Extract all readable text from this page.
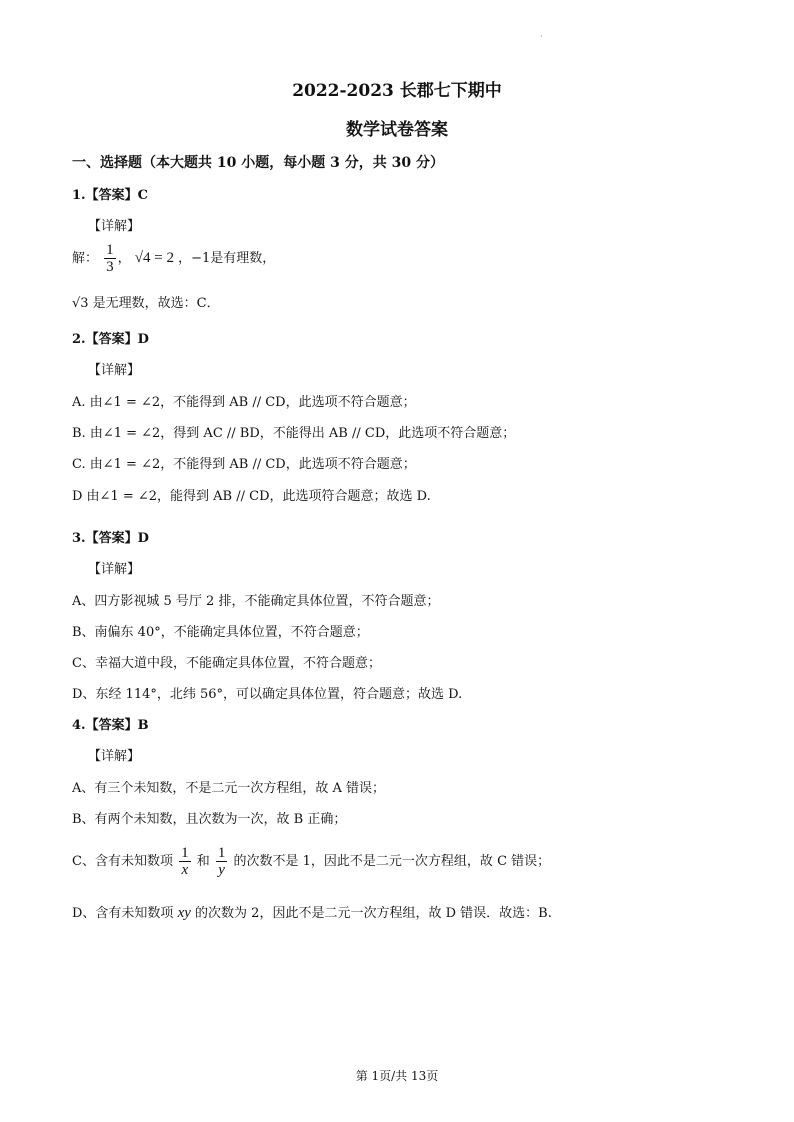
·
2022-2023 长郡七下期中
数学试卷答案
一、选择题（本大题共 10 小题，每小题 3 分，共 30 分）
1.【答案】C
【详解】
解： $\frac{1}{3}$ ， √4 = 2 ，−1是有理数，
√3 是无理数，故选：C．
2.【答案】D
【详解】
A. 由∠1 = ∠2，不能得到 AB // CD，此选项不符合题意；
B. 由∠1 = ∠2，得到 AC // BD，不能得出 AB // CD，此选项不符合题意；
C. 由∠1 = ∠2，不能得到 AB // CD，此选项不符合题意；
D 由∠1 = ∠2，能得到 AB // CD，此选项符合题意；故选 D.
3.【答案】D
【详解】
A、四方影视城 5 号厅 2 排，不能确定具体位置，不符合题意；
B、南偏东 40°，不能确定具体位置，不符合题意；
C、幸福大道中段，不能确定具体位置，不符合题意；
D、东经 114°，北纬 56°，可以确定具体位置，符合题意；故选 D.
4.【答案】B
【详解】
A、有三个未知数，不是二元一次方程组，故 A 错误；
B、有两个未知数，且次数为一次，故 B 正确；
C、含有未知数项 $\frac{1}{x}$ 和 $\frac{1}{y}$ 的次数不是 1，因此不是二元一次方程组，故 C 错误；
D、含有未知数项 xy 的次数为 2，因此不是二元一次方程组，故 D 错误．故选：B.
第 1页/共 13页
